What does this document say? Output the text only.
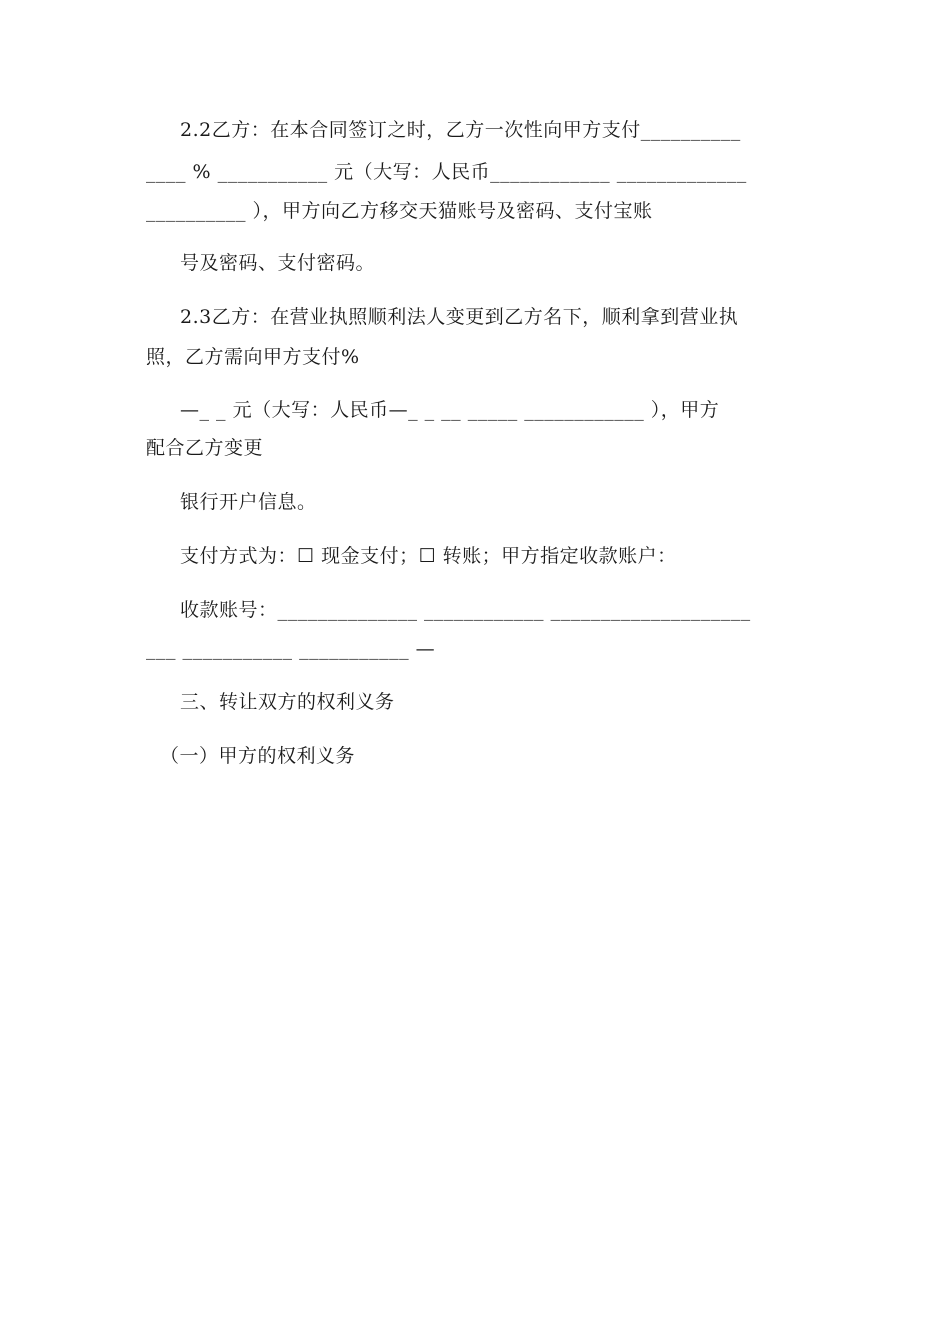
2.2乙方：在本合同签订之时，乙方一次性向甲方支付__________
____ % ___________ 元（大写：人民币____________ _____________
__________ ），甲方向乙方移交天猫账号及密码、支付宝账
号及密码、支付密码。
2.3乙方：在营业执照顺利法人变更到乙方名下，顺利拿到营业执
照，乙方需向甲方支付%
—_ _ 元（大写：人民币—_ _ __ _____ ____________ ），甲方
配合乙方变更
银行开户信息。
支付方式为：☐ 现金支付；☐ 转账；甲方指定收款账户：
收款账号：______________ ____________ ____________________
___ ___________ ___________ —
三、转让双方的权利义务
（一）甲方的权利义务
